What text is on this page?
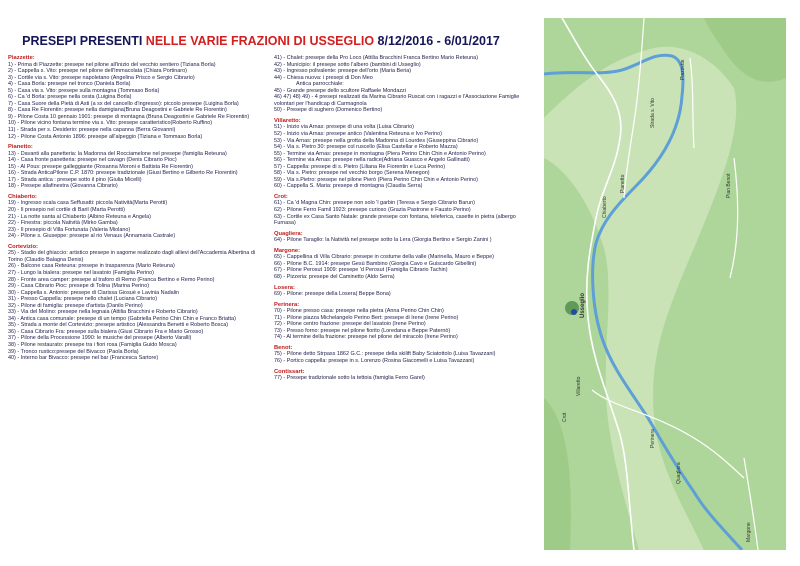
PRESEPI PRESENTI NELLE VARIE FRAZIONI DI USSEGLIO 8/12/2016 - 6/01/2017
Piazzette:
1) - Prima di Piazzette: presepe nel pilone all'inizio del vecchio sentiero (Tiziana Borla)
2) - Cappella s. Vito: presepe nel pilone dell'Immacolata (Chiara Portinaro)
3) - Cortile via s. Vito: presepe napoletano (Angelina Prisco e Sergio Cibrario)
4) - Casa Borla: presepe nel tronco (Daniela Borla)
5) - Casa via s. Vito: presepe sulla montagna (Tommaso Borla)
6) - Ca 'd Borla: presepe nella cesta (Luigina Borla)
7) - Casa Suore della Pietà di Asti (a sx del cancello d'ingresso): piccolo presepe (Luigina Borla)
8) - Casa Re Fiorentin: presepe nella damigiana(Bruna Deagostini e Gabriele Re Fiorentin)
9) - Pilone Costa 10 gennaio 1901: presepe di montagna (Bruna Deagostini e Gabriele Re Fiorentin)
10) - Pilone vicino fontana termine via s. Vito: presepe caratteristico(Roberto Ruffino)
11) - Strada per s. Desiderio: presepe nella capanna (Berra Giovanni)
12) - Pilone Costa Antonio 1896: presepe all'alpeggio (Tiziana e Tommaso Borla)
Pianetto:
13) - Davanti alla panetteria: la Madonna del Rocciamelone nel presepe (famiglia Reteuna)
14) - Casa fronte panetteria: presepe nel cavagn (Denis Cibrario Pioc)
15) - Al Pous: presepe galleggiante (Rosanna Moroni e Battista Re Fiorentin)
16) - Strada AnticaPilone C.P. 1870: presepe tradizionale (Giusi Bertino e Gilberto Re Fiorentin)
17) - Strada antica : presepe sotto il pino (Giulia Micelli)
18) - Presepe allafinestra (Giovanna Cibrario)
Chiaberto:
19) - Ingresso scala casa Seffusatti: piccola Natività(Marta Perotti)
20) - Il presepio nel cortile di Baril (Marta Perotti)
21) - La notte santa al Chiaberto (Albino Reteuna e Angela)
22) - Finestra: piccola Natività (Mirko Gamba)
23) - Il presepio di Villa Fortunata (Valeria Miolano)
24) - Pilone s. Giuseppe: presepe al rio Venaus (Annamaria Castrale)
Cortevizio:
25) - Stadio del ghiaccio: artistico presepe in sagome realizzato dagli allievi dell'Accademia Albertina di Torino (Claudio Balagna Denis)
26) - Balcone casa Reteuna: presepe in trasparenza (Mario Reteuna)
27) - Lungo la bialera: presepe nel lavatoio (Famiglia Perino)
28) - Fronte area camper: presepe al traforo di Remo (Franca Bertino e Remo Perino)
29) - Casa Cibrario Pioc: presepe di Tolina (Marina Perino)
30) - Cappella s. Antonio: presepe di Clarissa Giosuè e Lavinia Nadalin
31) - Presso Cappella: presepe nello chalet (Luciana Cibrario)
32) - Pilone di famiglia: presepe d'artista (Danilo Perino)
33) - Via del Molino: presepe nella legnaia (Attilia Bracchini e Roberto Cibrario)
34) - Antica casa comunale: presepe di un tempo (Gabriella Perino Chin Chin e Franco Briatta)
35) - Strada a monte del Cortevizio: presepe artistico (Alessandra Benetti e Roberto Bosca)
36) - Casa Cibrario Fra: presepe sulla bialera (Giusi Cibrario Fra e Mario Grosso)
37) - Pilone della Processione 1990: le musiche del presepe (Alberto Varalli)
38) - Pilone restaurato: presepe tra i fiori rosa (Famiglia Guido Mosca)
39) - Tronco rustico:presepe del Bivacco (Paola Borla)
40) - Interno bar Bivacco: presepe nel bar (Francesca Sartore)
41) - Chalet: presepe della Pro Loco (Attilia Bracchini Franca Bertino Mario Reteuna)
42) - Municipio: il presepe sotto l'albero (bambini di Usseglio)
43) - Ingresso polivalente: presepe dell'orto (Maria Beria)
44) - Chiesa nuova: i presepi di Don Meo
Antica parrocchiale:
45) - Grande presepe dello scultore Raffaele Mondazzi
46) 47) 48) 49) - 4 presepi realizzati da Marina Cibrario Ruscat con i ragazzi e l'Associazione Famiglie volontari per l'handicap di Carmagnola
50) - Presepe di sughero (Domenico Bertino)
Villaretto:
51) - Inizio via Arnas: presepe di una volta (Luisa Cibrario)
52) - Inizio via Arnas: presepe antico (Valentina Reteuna e Ivo Perino)
53) - Via Arnas: presepe nella grotta della Madonna di Lourdes (Giuseppina Cibrario)
54) - Via s. Pietro 30: presepe col ruscello (Elisa Castellar e Roberto Mazza)
55) - Termine via Arnas: presepe in montagna (Piera Perino Chin Chin e Antonio Perino)
56) - Termine via Arnas: presepe nella radice(Adriana Guasco e Angelo Gallinatti)
57) - Cappella: presepe di s. Pietro (Liliana Re Fiorentin e Luca Perino)
58) - Via s. Pietro: presepe nel vecchio borgo (Serena Menegon)
59) - Via s.Pietro: presepe nel pilone Pierò (Piera Perino Chin Chin e Antonio Perino)
60) - Cappella S. Maria: presepe di montagna (Claudia Serra)
Crot:
61) - Ca 'd Magna Chin: presepe non solo 'l garbin (Teresa e Sergio Cibrario Barun)
62) - Pilone Ferro Famil 1923: presepe curioso (Grazia Pastrone e Fausto Perino)
63) - Cortile ex Casa Santo Natale: grande presepe con fontana, teleferica, casette in pietra (albergo Furnasa)
Quagliera:
64) - Pilone Taraglio: la Natività nel presepe sotto la Lera (Giorgia Bertino e Sergio Zanini )
Margone:
65) - Cappellina di Villa Cibrario: presepe in costume della valle (Marinella, Mauro e Beppe)
66) - Pilone B.C. 1914: presepe Gesù Bambino (Giorgia Cavo e Guiscardo Gibellini)
67) - Pilone Perosut 1909: presepe 'd Perosut (Famiglia Cibrario Tachin)
68) - Pizzeria: presepe del Caminetto (Aldo Serra)
Losera:
69) - Pilone: presepe della Losera( Beppe Bona)
Perinera:
70) - Pilone presso casa: presepe nella pietra (Anna Perino Chin Chin)
71) - Pilone piazza Michelangelo Perino Bert: presepe di Irene (Irene Perino)
72) - Pilone centro frazione: presepe del lavatoio (Irene Perino)
73) - Presso forno: presepe nel pilone fiorito (Loredana e Beppe Paternò)
74) - Al termine della frazione: presepe nel pilone del miracolo (Irene Perino)
Benot:
75) - Pilone detto Strpass 1862 G.C.: presepe della skilift Baby Sciatottolo (Luisa Tavazzani)
76) - Portico cappella: presepe in s. Lorenzo (Rosina Giacomelli e Luisa Tavazzani)
Contissart:
77) - Presepe tradizionale sotto la tettoia (famiglia Ferro Garel)
Piazzette
Strada s. Vito
Chiaberto
Pianetto	Pian Benot
Usseglio
Villaretto
Crot
Perinera
Quagliera
Margone
